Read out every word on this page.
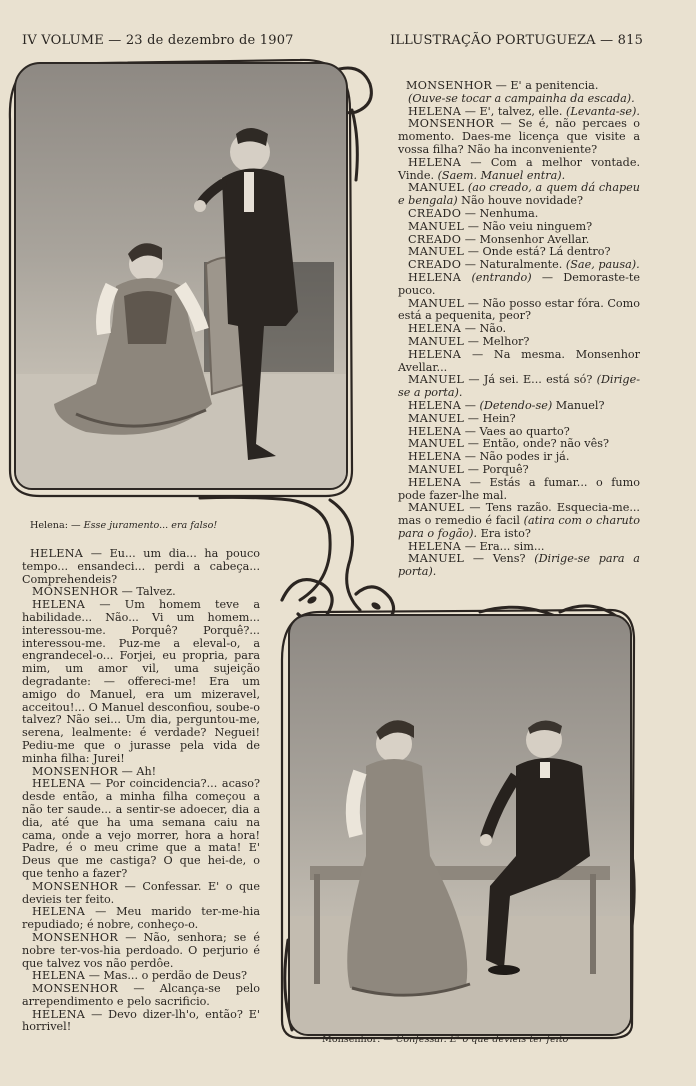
IV VOLUME — 23 de dezembro de 1907	ILLUSTRAÇÃO PORTUGUEZA — 815
Helena: — Esse juramento... era falso!
Monsenhor: — Confessar. E' o que devieis ter feito

HELENA — Eu... um dia... ha pouco tempo... ensandeci... perdi a cabeça... Comprehendeis?

MONSENHOR — Talvez.

HELENA — Um homem teve a habilidade... Não... Vi um homem... interessou-me. Porquê? Porquê?... interessou-me. Puz-me a eleval-o, a engrandecel-o... Forjei, eu propria, para mim, um amor vil, uma sujeição degradante: — offereci-me! Era um amigo do Manuel, era um mizeravel, acceitou!... O Manuel desconfiou, soube-o talvez? Não sei... Um dia, perguntou-me, serena, lealmente: é verdade? Neguei! Pediu-me que o jurasse pela vida de minha filha: Jurei!

MONSENHOR — Ah!

HELENA — Por coincidencia?... acaso? desde então, a minha filha começou a não ter saude... a sentir-se adoecer, dia a dia, até que ha uma semana caiu na cama, onde a vejo morrer, hora a hora! Padre, é o meu crime que a mata! E' Deus que me castiga? O que hei-de, o que tenho a fazer?

MONSENHOR — Confessar. E' o que devieis ter feito.

HELENA — Meu marido ter-me-hia repudiado; é nobre, conheço-o.

MONSENHOR — Não, senhora; se é nobre ter-vos-hia perdoado. O perjurio é que talvez vos não perdôe.

HELENA — Mas... o perdão de Deus?

MONSENHOR — Alcança-se pelo arrependimento e pelo sacrificio.

HELENA — Devo dizer-lh'o, então? E' horrivel!

MONSENHOR — E' a penitencia.

(Ouve-se tocar a campainha da escada).

HELENA — E', talvez, elle. (Levanta-se).

MONSENHOR — Se é, não percaes o momento. Daes-me licença que visite a vossa filha? Não ha inconveniente?

HELENA — Com a melhor vontade. Vinde. (Saem. Manuel entra).

MANUEL (ao creado, a quem dá chapeu e bengala) Não houve novidade?

CREADO — Nenhuma.

MANUEL — Não veiu ninguem?

CREADO — Monsenhor Avellar.

MANUEL — Onde está? Lá dentro?

CREADO — Naturalmente. (Sae, pausa).

HELENA (entrando) — Demoraste-te pouco.

MANUEL — Não posso estar fóra. Como está a pequenita, peor?

HELENA — Não.

MANUEL — Melhor?

HELENA — Na mesma. Monsenhor Avellar...

MANUEL — Já sei. E... está só? (Dirige-se a porta).

HELENA — (Detendo-se) Manuel?

MANUEL — Hein?

HELENA — Vaes ao quarto?

MANUEL — Então, onde? não vês?

HELENA — Não podes ir já.

MANUEL — Porquê?

HELENA — Estás a fumar... o fumo pode fazer-lhe mal.

MANUEL — Tens razão. Esquecia-me... mas o remedio é facil (atira com o charuto para o fogão). Era isto?

HELENA — Era... sim...

MANUEL — Vens? (Dirige-se para a porta).
